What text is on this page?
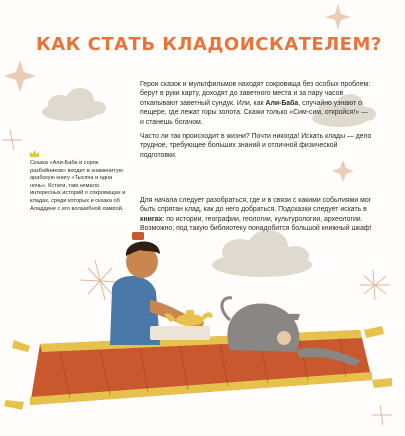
КАК СТАТЬ КЛАДОИСКАТЕЛЕМ?

Герои сказок и мультфильмов находят сокровища без особых проблем: берут в руки карту, доходят до заветного места и за пару часов откапывают заветный сундук. Или, как Али-Баба, случайно узнают о пещере, где лежат горы золота. Скажи только «Сим-сим, откройся!» — и станешь богачом.

Часто ли так происходит в жизни? Почти никогда! Искать клады — дело трудное, требующее больших знаний и отличной физической подготовки.

Для начала следует разобраться, где и в связи с какими событиями мог быть спрятан клад, как до него добраться. Подсказки следует искать в книгах: по истории, географии, геологии, культурологии, археологии. Возможно, под такую библиотеку понадобится большой книжный шкаф!

Сказка «Али-Баба и сорок разбойников» входит в знаменитую арабскую книгу «Тысяча и одна ночь». Кстати, там немало интересных историй о сокровищах и кладах, среди которых и сказка об Аладдине с его волшебной лампой.
